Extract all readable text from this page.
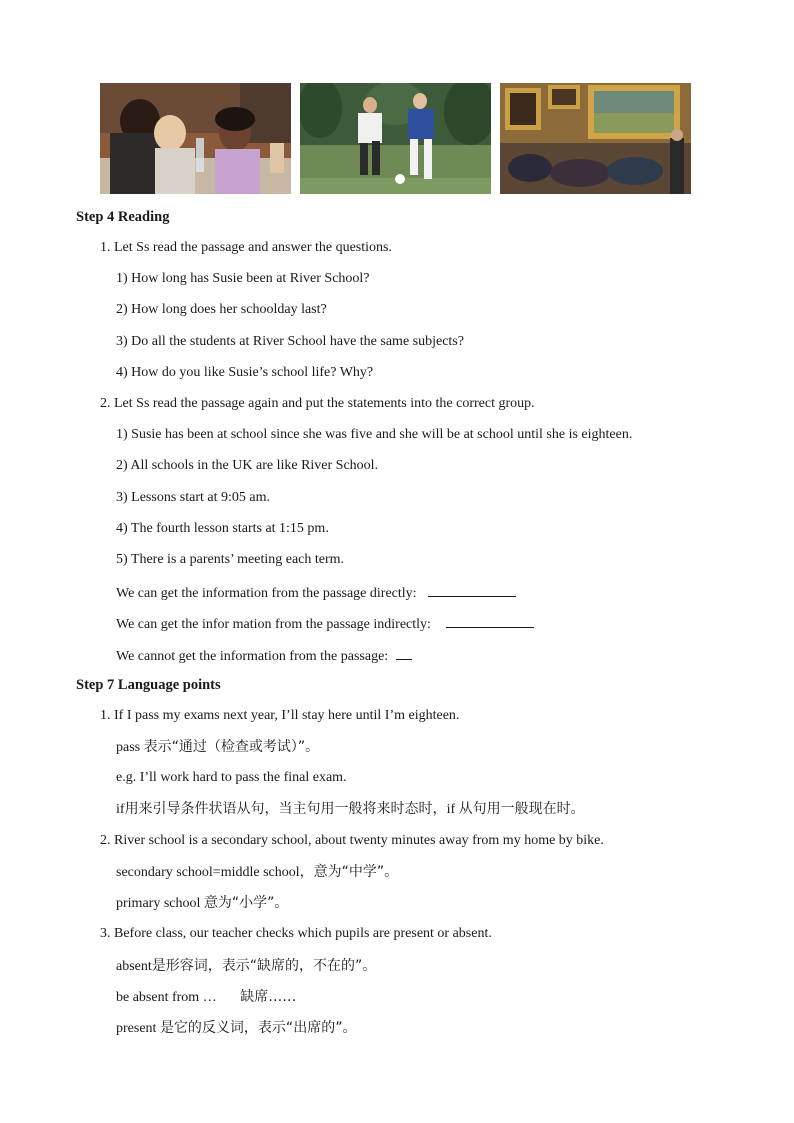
Step 4 Reading
1. Let Ss read the passage and answer the questions.
1) How long has Susie been at River School?
2) How long does her schoolday last?
3) Do all the students at River School have the same subjects?
4) How do you like Susie’s school life? Why?
2. Let Ss read the passage again and put the statements into the correct group.
1) Susie has been at school since she was five and she will be at school until she is eighteen.
2) All schools in the UK are like River School.
3) Lessons start at 9:05 am.
4) The fourth lesson starts at 1:15 pm.
5) There is a parents’ meeting each term.
We can get the information from the passage directly:
We can get the infor mation from the passage indirectly:
We cannot get the information from the passage:
Step 7 Language points
1. If I pass my exams next year, I’ll stay here until I’m eighteen.
pass 表示“通过（检查或考试）”。
e.g. I’ll work hard to pass the final exam.
if用来引导条件状语从句，当主句用一般将来时态时，if 从句用一般现在时。
2. River school is a secondary school, about twenty minutes away from my home by bike.
secondary school=middle school，意为“中学”。
primary school 意为“小学”。
3. Before class, our teacher checks which pupils are present or absent.
absent是形容词，表示“缺席的，不在的”。
be absent from … 缺席……
present 是它的反义词，表示“出席的”。
